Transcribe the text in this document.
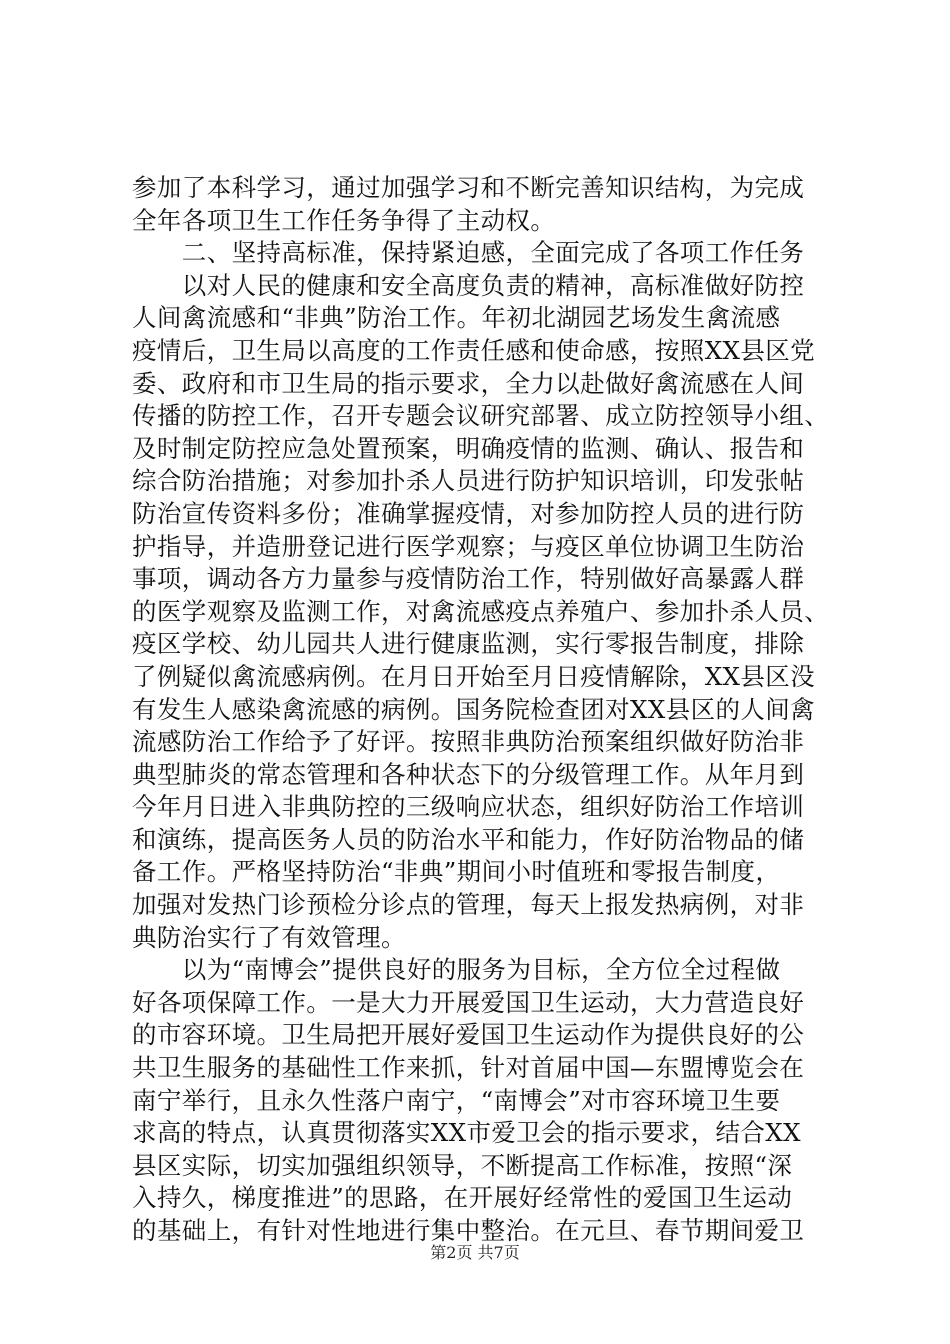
参加了本科学习，通过加强学习和不断完善知识结构，为完成
全年各项卫生工作任务争得了主动权。
　　二、坚持高标准，保持紧迫感，全面完成了各项工作任务
　　以对人民的健康和安全高度负责的精神，高标准做好防控
人间禽流感和“非典”防治工作。年初北湖园艺场发生禽流感
疫情后，卫生局以高度的工作责任感和使命感，按照XX县区党
委、政府和市卫生局的指示要求，全力以赴做好禽流感在人间
传播的防控工作，召开专题会议研究部署、成立防控领导小组、
及时制定防控应急处置预案，明确疫情的监测、确认、报告和
综合防治措施；对参加扑杀人员进行防护知识培训，印发张帖
防治宣传资料多份；准确掌握疫情，对参加防控人员的进行防
护指导，并造册登记进行医学观察；与疫区单位协调卫生防治
事项，调动各方力量参与疫情防治工作，特别做好高暴露人群
的医学观察及监测工作，对禽流感疫点养殖户、参加扑杀人员、
疫区学校、幼儿园共人进行健康监测，实行零报告制度，排除
了例疑似禽流感病例。在月日开始至月日疫情解除，XX县区没
有发生人感染禽流感的病例。国务院检查团对XX县区的人间禽
流感防治工作给予了好评。按照非典防治预案组织做好防治非
典型肺炎的常态管理和各种状态下的分级管理工作。从年月到
今年月日进入非典防控的三级响应状态，组织好防治工作培训
和演练，提高医务人员的防治水平和能力，作好防治物品的储
备工作。严格坚持防治“非典”期间小时值班和零报告制度，
加强对发热门诊预检分诊点的管理，每天上报发热病例，对非
典防治实行了有效管理。
　　以为“南博会”提供良好的服务为目标，全方位全过程做
好各项保障工作。一是大力开展爱国卫生运动，大力营造良好
的市容环境。卫生局把开展好爱国卫生运动作为提供良好的公
共卫生服务的基础性工作来抓，针对首届中国—东盟博览会在
南宁举行，且永久性落户南宁，“南博会”对市容环境卫生要
求高的特点，认真贯彻落实XX市爱卫会的指示要求，结合XX
县区实际，切实加强组织领导，不断提高工作标准，按照“深
入持久，梯度推进”的思路，在开展好经常性的爱国卫生运动
的基础上，有针对性地进行集中整治。在元旦、春节期间爱卫
第2页 共7页
